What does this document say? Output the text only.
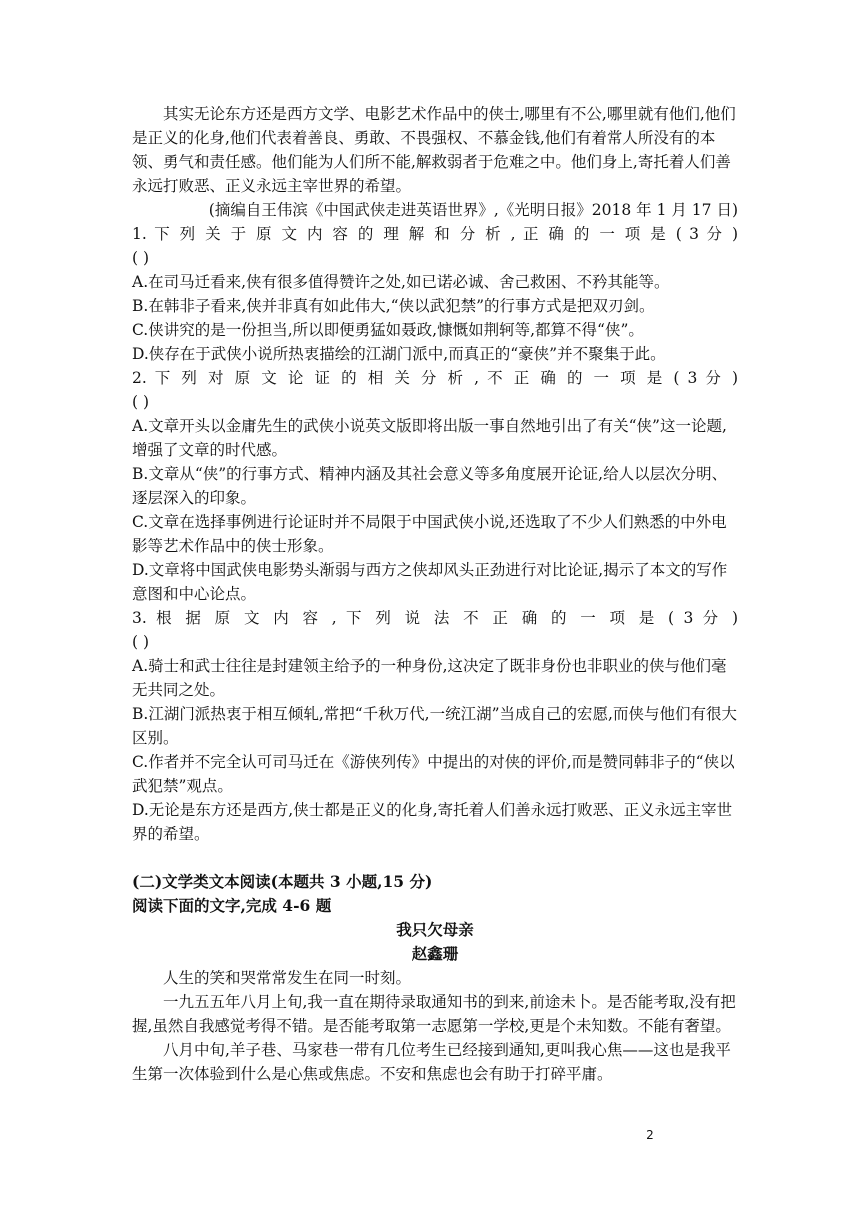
其实无论东方还是西方文学、电影艺术作品中的侠士,哪里有不公,哪里就有他们,他们是正义的化身,他们代表着善良、勇敢、不畏强权、不慕金钱,他们有着常人所没有的本领、勇气和责任感。他们能为人们所不能,解救弱者于危难之中。他们身上,寄托着人们善永远打败恶、正义永远主宰世界的希望。

(摘编自王伟滨《中国武侠走进英语世界》,《光明日报》2018 年 1 月 17 日)

1. 下 列 关 于 原 文 内 容 的 理 解 和 分 析 , 正 确 的 一 项 是 ( 3 分 )

( )

A.在司马迁看来,侠有很多值得赞许之处,如已诺必诚、舍己救困、不矜其能等。

B.在韩非子看来,侠并非真有如此伟大,“侠以武犯禁”的行事方式是把双刃剑。

C.侠讲究的是一份担当,所以即便勇猛如聂政,慷慨如荆轲等,都算不得“侠”。

D.侠存在于武侠小说所热衷描绘的江湖门派中,而真正的“豪侠”并不聚集于此。

2. 下 列 对 原 文 论 证 的 相 关 分 析 , 不 正 确 的 一 项 是 ( 3 分 )

( )

A.文章开头以金庸先生的武侠小说英文版即将出版一事自然地引出了有关“侠”这一论题,增强了文章的时代感。

B.文章从“侠”的行事方式、精神内涵及其社会意义等多角度展开论证,给人以层次分明、逐层深入的印象。

C.文章在选择事例进行论证时并不局限于中国武侠小说,还选取了不少人们熟悉的中外电影等艺术作品中的侠士形象。

D.文章将中国武侠电影势头渐弱与西方之侠却风头正劲进行对比论证,揭示了本文的写作意图和中心论点。

3. 根 据 原 文 内 容 , 下 列 说 法 不 正 确 的 一 项 是 ( 3 分 )

( )

A.骑士和武士往往是封建领主给予的一种身份,这决定了既非身份也非职业的侠与他们毫无共同之处。

B.江湖门派热衷于相互倾轧,常把“千秋万代,一统江湖”当成自己的宏愿,而侠与他们有很大区别。

C.作者并不完全认可司马迁在《游侠列传》中提出的对侠的评价,而是赞同韩非子的“侠以武犯禁”观点。

D.无论是东方还是西方,侠士都是正义的化身,寄托着人们善永远打败恶、正义永远主宰世界的希望。

(二)文学类文本阅读(本题共 3 小题,15 分)

阅读下面的文字,完成 4-6 题

我只欠母亲

赵鑫珊

人生的笑和哭常常发生在同一时刻。

一九五五年八月上旬,我一直在期待录取通知书的到来,前途未卜。是否能考取,没有把握,虽然自我感觉考得不错。是否能考取第一志愿第一学校,更是个未知数。不能有奢望。

八月中旬,羊子巷、马家巷一带有几位考生已经接到通知,更叫我心焦——这也是我平生第一次体验到什么是心焦或焦虑。不安和焦虑也会有助于打碎平庸。

2
